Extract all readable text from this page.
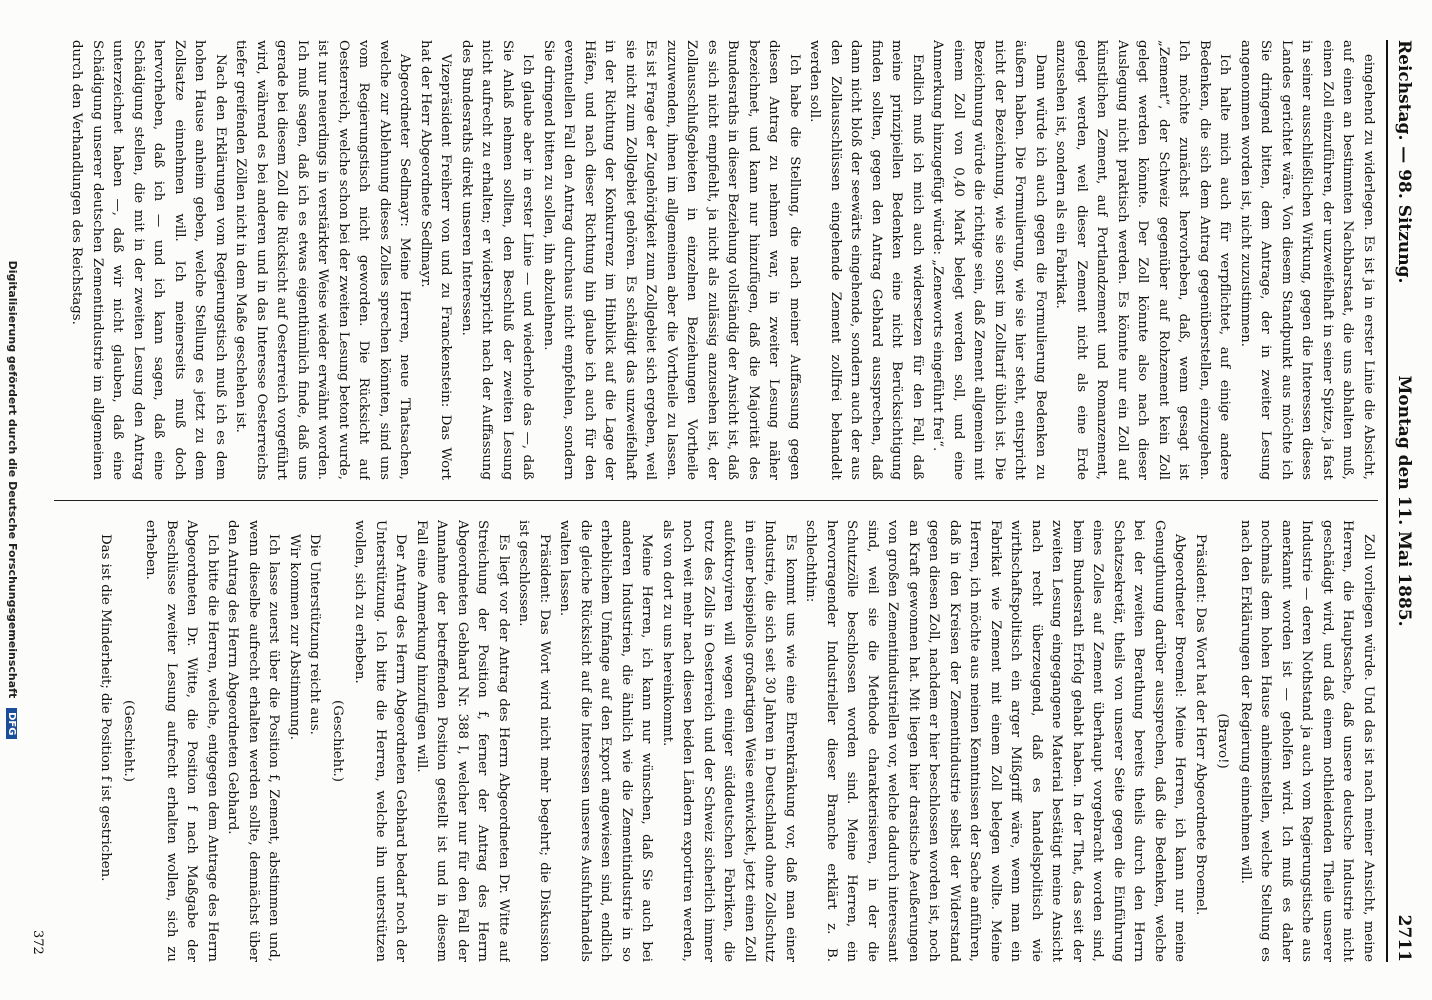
Reichstag. — 98. Sitzung.
Montag den 11. Mai 1885.
2711

eingehend zu widerlegen. Es ist ja in erster Linie die Absicht, auf einen an bestimmten Nachbarstaat, die uns abhalten muß, einen Zoll einzuführen, der unzweifelhaft in seiner Spitze, ja fast in seiner ausschließlichen Wirkung, gegen die Interessen dieses Landes gerichtet wäre. Von diesem Standpunkt aus möchte ich Sie dringend bitten, dem Antrage, der in zweiter Lesung angenommen worden ist, nicht zuzustimmen.

Ich halte mich auch für verpflichtet, auf einige andere Bedenken, die sich dem Antrag gegenüberstellen, einzugehen. Ich möchte zunächst hervorheben, daß, wenn gesagt ist „Zement“, der Schweiz gegenüber auf Rohzement kein Zoll gelegt werden könnte. Der Zoll könnte also nach dieser Auslegung nicht praktisch werden. Es könnte nur ein Zoll auf künstlichen Zement, auf Portlandzement und Romanzement, gelegt werden, weil dieser Zement nicht als eine Erde anzusehen ist, sondern als ein Fabrikat.

Dann würde ich auch gegen die Formulierung Bedenken zu äußern haben. Die Formulierung, wie sie hier steht, entspricht nicht der Bezeichnung, wie sie sonst im Zolltarif üblich ist. Die Bezeichnung würde die richtige sein, daß Zement allgemein mit einem Zoll von 0,40 Mark belegt werden soll, und eine Anmerkung hinzugefügt würde: „Zeneworts eingeführt frei“.

Endlich muß ich mich auch widersetzen für den Fall, daß meine prinzipiellen Bedenken eine nicht Berücksichtigung finden sollten, gegen den Antrag Gebhard aussprechen, daß dann nicht bloß der seewärts eingehende, sondern auch der aus den Zollausschlüssen eingehende Zement zollfrei behandelt werden soll.

Ich habe die Stellung, die nach meiner Auffassung gegen diesen Antrag zu nehmen war, in zweiter Lesung näher bezeichnet, und kann nur hinzufügen, daß die Majorität des Bundesraths in dieser Beziehung vollständig der Ansicht ist, daß es sich nicht empfiehlt, ja nicht als zulässig anzusehen ist, der Zollausschlußgebieten in einzelnen Beziehungen Vortheile zuzuwenden, ihnen im allgemeinen aber die Vortheile zu lassen. Es ist Frage der Zugehörigkeit zum Zollgebiet sich ergeben, weil sie nicht zum Zollgebiet gehören. Es schädigt das unzweifelhaft in der Richtung der Konkurrenz im Hinblick auf die Lage der Häfen, und nach dieser Richtung hin glaube ich auch für den eventuellen Fall den Antrag durchaus nicht empfehlen, sondern Sie dringend bitten zu sollen, ihn abzulehnen.

Ich glaube aber in erster Linie — und wiederhole das —, daß Sie Anlaß nehmen sollten, den Beschluß der zweiten Lesung nicht aufrecht zu erhalten; er widerspricht nach der Auffassung des Bundesraths direkt unseren Interessen.

Vizepräsident Freiherr von und zu Franckenstein: Das Wort hat der Herr Abgeordnete Sedlmayr.

Abgeordneter Sedlmayr: Meine Herren, neue Thatsachen, welche zur Ablehnung dieses Zolles sprechen könnten, sind uns vom Regierungstisch nicht geworden. Die Rücksicht auf Oesterreich, welche schon bei der zweiten Lesung betont wurde, ist nur neuerdings in verstärkter Weise wieder erwähnt worden. Ich muß sagen, daß ich es etwas eigenthümlich finde, daß uns gerade bei diesem Zoll die Rücksicht auf Oesterreich vorgeführt wird, während es bei anderen und in das Interesse Oesterreichs tiefer greifenden Zöllen nicht in dem Maße geschehen ist.

Nach den Erklärungen vom Regierungstisch muß ich es dem hohen Hause anheim geben, welche Stellung es jetzt zu dem Zollsatze einnehmen will. Ich meinerseits muß doch hervorheben, daß ich — und ich kann sagen, daß eine Schädigung stellen, die mit in der zweiten Lesung den Antrag unterzeichnet haben —, daß wir nicht glauben, daß eine Schädigung unserer deutschen Zementindustrie im allgemeinen durch den Verhandlungen des Reichstags.

Zoll vorliegen würde. Und das ist nach meiner Ansicht, meine Herren, die Hauptsache, daß unsere deutsche Industrie nicht geschädigt wird, und daß einem nothleidenden Theile unserer Industrie — deren Nothstand ja auch vom Regierungstische aus anerkannt worden ist — geholfen wird. Ich muß es daher nochmals dem hohen Hause anheimstellen, welche Stellung es nach den Erklärungen der Regierung einnehmen will.

(Bravo!)

Präsident: Das Wort hat der Herr Abgeordnete Broemel.

Abgeordneter Broemel: Meine Herren, ich kann nur meine Genugthuung darüber aussprechen, daß die Bedenken, welche bei der zweiten Berathung bereits theils durch den Herrn Schatzsekretär, theils von unserer Seite gegen die Einführung eines Zolles auf Zement überhaupt vorgebracht worden sind, beim Bundesrath Erfolg gehabt haben. In der That, das seit der zweiten Lesung eingegangene Material bestätigt meine Ansicht nach recht überzeugend, daß es handelspolitisch wie wirthschaftspolitisch ein arger Mißgriff wäre, wenn man ein Fabrikat wie Zement mit einem Zoll belegen wollte. Meine Herren, ich möchte aus meinen Kenntnissen der Sache anführen, daß in den Kreisen der Zementindustrie selbst der Widerstand gegen diesen Zoll, nachdem er hier beschlossen worden ist, noch an Kraft gewonnen hat. Mit liegen hier drastische Aeußerungen von großen Zementindustriellen vor, welche dadurch interessant sind, weil sie die Methode charakterisieren, in der die Schutzzölle beschlossen worden sind. Meine Herren, ein hervorragender Industrieller dieser Branche erklärt z. B. schlechthin:

Es kommt uns wie eine Ehrenkränkung vor, daß man einer Industrie, die sich seit 30 Jahren in Deutschland ohne Zollschutz in einer beispiellos großartigen Weise entwickelt, jetzt einen Zoll aufoktroyiren will wegen einiger süddeutschen Fabriken, die trotz des Zolls in Oesterreich und der Schweiz sicherlich immer noch weit mehr nach diesen beiden Ländern exportiren werden, als von dort zu uns hereinkommt.

Meine Herren, ich kann nur wünschen, daß Sie auch bei anderen Industrien, die ähnlich wie die Zementindustrie in so erheblichem Umfange auf den Export angewiesen sind, endlich die gleiche Rücksicht auf die Interessen unseres Ausfuhrhandels walten lassen.

Präsident: Das Wort wird nicht mehr begehrt; die Diskussion ist geschlossen.

Es liegt vor der Antrag des Herrn Abgeordneten Dr. Witte auf Streichung der Position f, ferner der Antrag des Herrn Abgeordneten Gebhard Nr. 388 I, welcher nur für den Fall der Annahme der betreffenden Position gestellt ist und in diesem Fall eine Anmerkung hinzufügen will.

Der Antrag des Herrn Abgeordneten Gebhard bedarf noch der Unterstützung. Ich bitte die Herren, welche ihn unterstützen wollen, sich zu erheben.

(Geschieht.)

Die Unterstützung reicht aus.

Wir kommen zur Abstimmung.

Ich lasse zuerst über die Position f, Zement, abstimmen und, wenn dieselbe aufrecht erhalten werden sollte, demnächst über den Antrag des Herrn Abgeordneten Gebhard.

Ich bitte die Herren, welche, entgegen dem Antrage des Herrn Abgeordneten Dr. Witte, die Position f nach Maßgabe der Beschlüsse zweiter Lesung aufrecht erhalten wollen, sich zu erheben.

(Geschieht.)

Das ist die Minderheit; die Position f ist gestrichen.

372
Digitalisierung gefördert durch die Deutsche Forschungsgemeinschaft DFG
